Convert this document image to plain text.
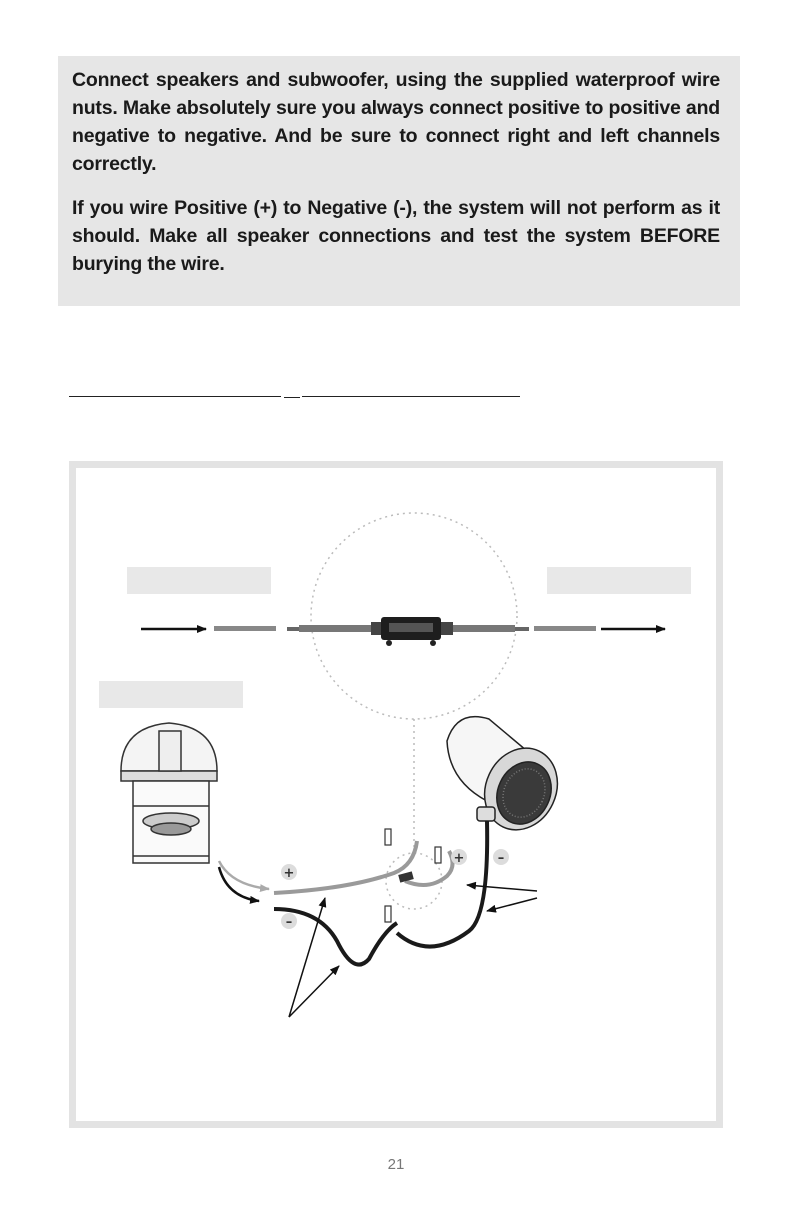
Connect speakers and subwoofer, using the supplied waterproof wire nuts. Make absolutely sure you always connect positive to positive and negative to negative. And be sure to connect right and left channels correctly.

If you wire Positive (+) to Negative (-), the system will not perform as it should. Make all speaker connections and test the system BEFORE burying the wire.

+
–
+	–
21
